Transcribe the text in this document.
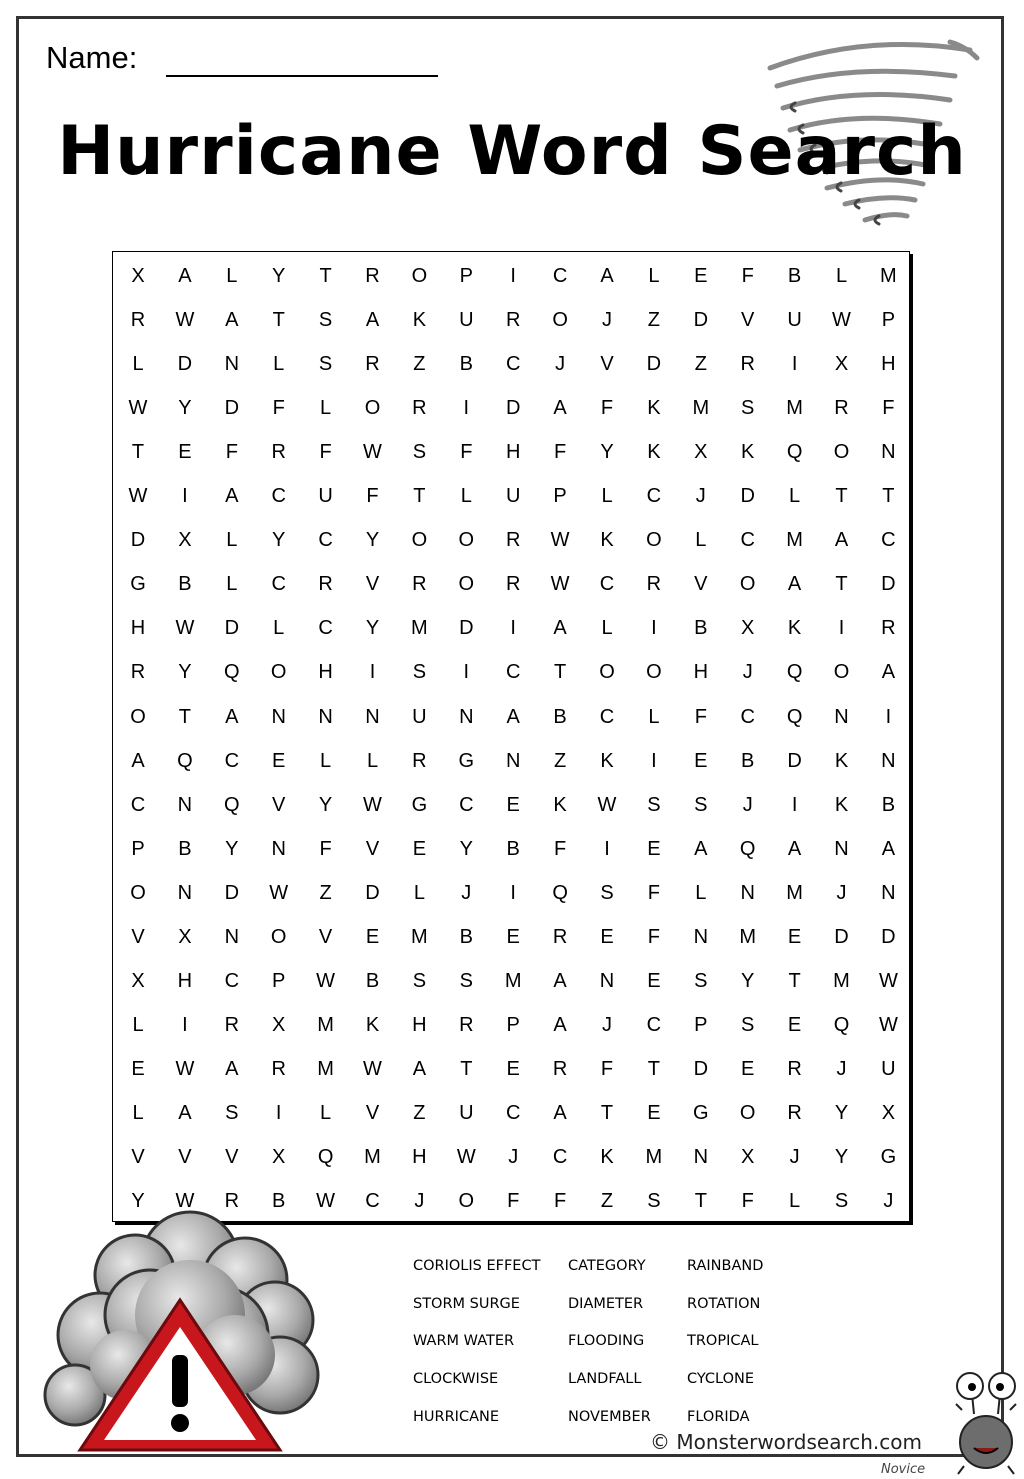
Name:
Hurricane Word Search
X	A	L	Y	T	R	O	P	I	C	A	L	E	F	B	L	M
R	W	A	T	S	A	K	U	R	O	J	Z	D	V	U	W	P
L	D	N	L	S	R	Z	B	C	J	V	D	Z	R	I	X	H
W	Y	D	F	L	O	R	I	D	A	F	K	M	S	M	R	F
T	E	F	R	F	W	S	F	H	F	Y	K	X	K	Q	O	N
W	I	A	C	U	F	T	L	U	P	L	C	J	D	L	T	T
D	X	L	Y	C	Y	O	O	R	W	K	O	L	C	M	A	C
G	B	L	C	R	V	R	O	R	W	C	R	V	O	A	T	D
H	W	D	L	C	Y	M	D	I	A	L	I	B	X	K	I	R
R	Y	Q	O	H	I	S	I	C	T	O	O	H	J	Q	O	A
O	T	A	N	N	N	U	N	A	B	C	L	F	C	Q	N	I
A	Q	C	E	L	L	R	G	N	Z	K	I	E	B	D	K	N
C	N	Q	V	Y	W	G	C	E	K	W	S	S	J	I	K	B
P	B	Y	N	F	V	E	Y	B	F	I	E	A	Q	A	N	A
O	N	D	W	Z	D	L	J	I	Q	S	F	L	N	M	J	N
V	X	N	O	V	E	M	B	E	R	E	F	N	M	E	D	D
X	H	C	P	W	B	S	S	M	A	N	E	S	Y	T	M	W
L	I	R	X	M	K	H	R	P	A	J	C	P	S	E	Q	W
E	W	A	R	M	W	A	T	E	R	F	T	D	E	R	J	U
L	A	S	I	L	V	Z	U	C	A	T	E	G	O	R	Y	X
V	V	V	X	Q	M	H	W	J	C	K	M	N	X	J	Y	G
Y	W	R	B	W	C	J	O	F	F	Z	S	T	F	L	S	J
CORIOLIS EFFECT
STORM SURGE
WARM WATER
CLOCKWISE
HURRICANE
CATEGORY
DIAMETER
FLOODING
LANDFALL
NOVEMBER
RAINBAND
ROTATION
TROPICAL
CYCLONE
FLORIDA
© Monsterwordsearch.com
Novice
